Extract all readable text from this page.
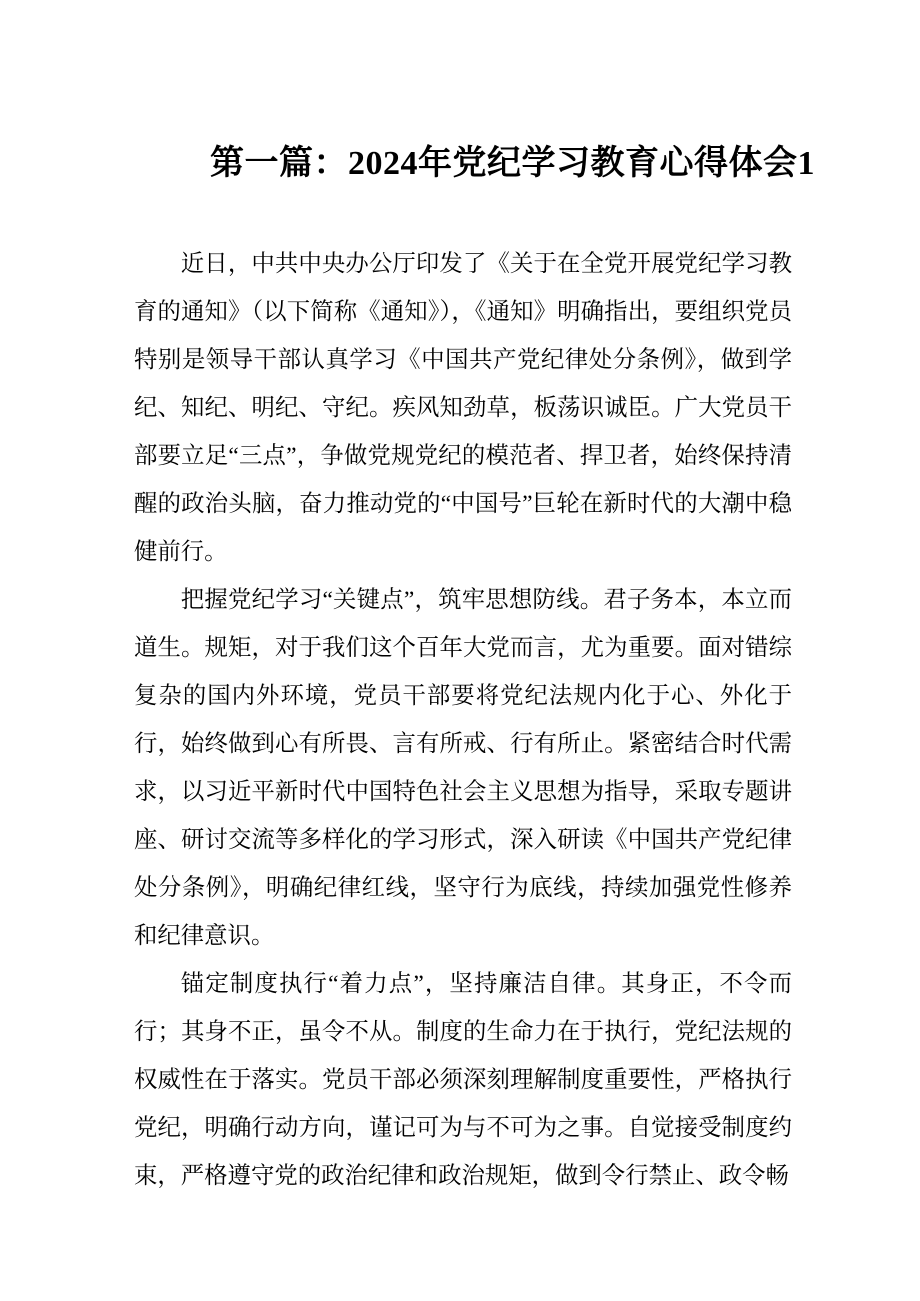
第一篇：2024年党纪学习教育心得体会1

近日，中共中央办公厅印发了《关于在全党开展党纪学习教育的通知》（以下简称《通知》），《通知》明确指出，要组织党员特别是领导干部认真学习《中国共产党纪律处分条例》，做到学纪、知纪、明纪、守纪。疾风知劲草，板荡识诚臣。广大党员干部要立足“三点”，争做党规党纪的模范者、捍卫者，始终保持清醒的政治头脑，奋力推动党的“中国号”巨轮在新时代的大潮中稳健前行。

把握党纪学习“关键点”，筑牢思想防线。君子务本，本立而道生。规矩，对于我们这个百年大党而言，尤为重要。面对错综复杂的国内外环境，党员干部要将党纪法规内化于心、外化于行，始终做到心有所畏、言有所戒、行有所止。紧密结合时代需求，以习近平新时代中国特色社会主义思想为指导，采取专题讲座、研讨交流等多样化的学习形式，深入研读《中国共产党纪律处分条例》，明确纪律红线，坚守行为底线，持续加强党性修养和纪律意识。

锚定制度执行“着力点”，坚持廉洁自律。其身正，不令而行；其身不正，虽令不从。制度的生命力在于执行，党纪法规的权威性在于落实。党员干部必须深刻理解制度重要性，严格执行党纪，明确行动方向，谨记可为与不可为之事。自觉接受制度约束，严格遵守党的政治纪律和政治规矩，做到令行禁止、政令畅
